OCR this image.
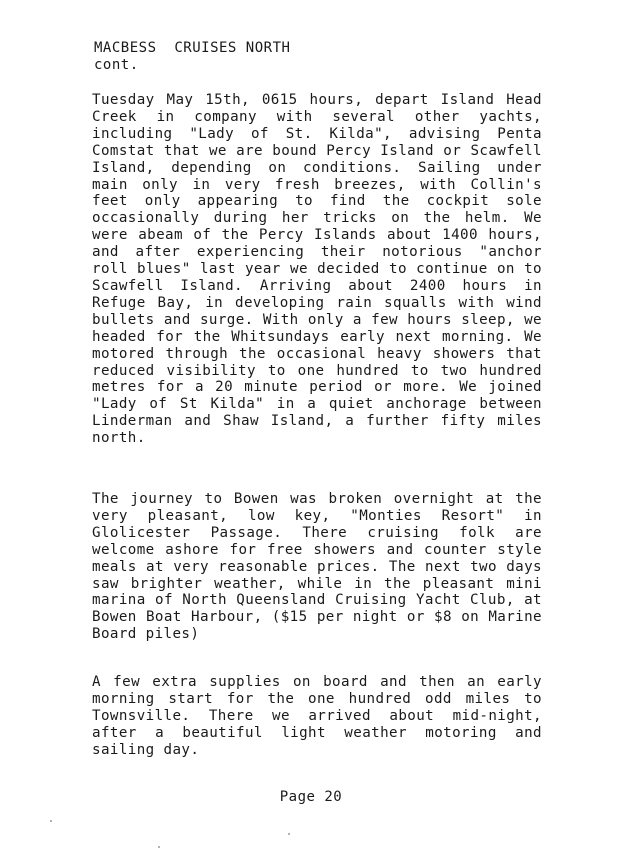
MACBESS  CRUISES NORTH
cont.

Tuesday May 15th, 0615 hours, depart Island Head Creek in company with several other yachts, including "Lady of St. Kilda", advising Penta Comstat that we are bound Percy Island or Scawfell Island, depending on conditions. Sailing under main only in very fresh breezes, with Collin's feet only appearing to find the cockpit sole occasionally during her tricks on the helm. We were abeam of the Percy Islands about 1400 hours, and after experiencing their notorious "anchor roll blues" last year we decided to continue on to Scawfell Island. Arriving about 2400 hours in Refuge Bay, in developing rain squalls with wind bullets and surge. With only a few hours sleep, we headed for the Whitsundays early next morning. We motored through the occasional heavy showers that reduced visibility to one hundred to two hundred metres for a 20 minute period or more. We joined "Lady of St Kilda" in a quiet anchorage between Linderman and Shaw Island, a further fifty miles north.

The journey to Bowen was broken overnight at the very pleasant, low key, "Monties Resort" in Glolicester Passage. There cruising folk are welcome ashore for free showers and counter style meals at very reasonable prices. The next two days saw brighter weather, while in the pleasant mini marina of North Queensland Cruising Yacht Club, at Bowen Boat Harbour, ($15 per night or $8 on Marine Board piles)

A few extra supplies on board and then an early morning start for the one hundred odd miles to Townsville. There we arrived about mid-night, after a beautiful light weather motoring and sailing day.

Page 20
